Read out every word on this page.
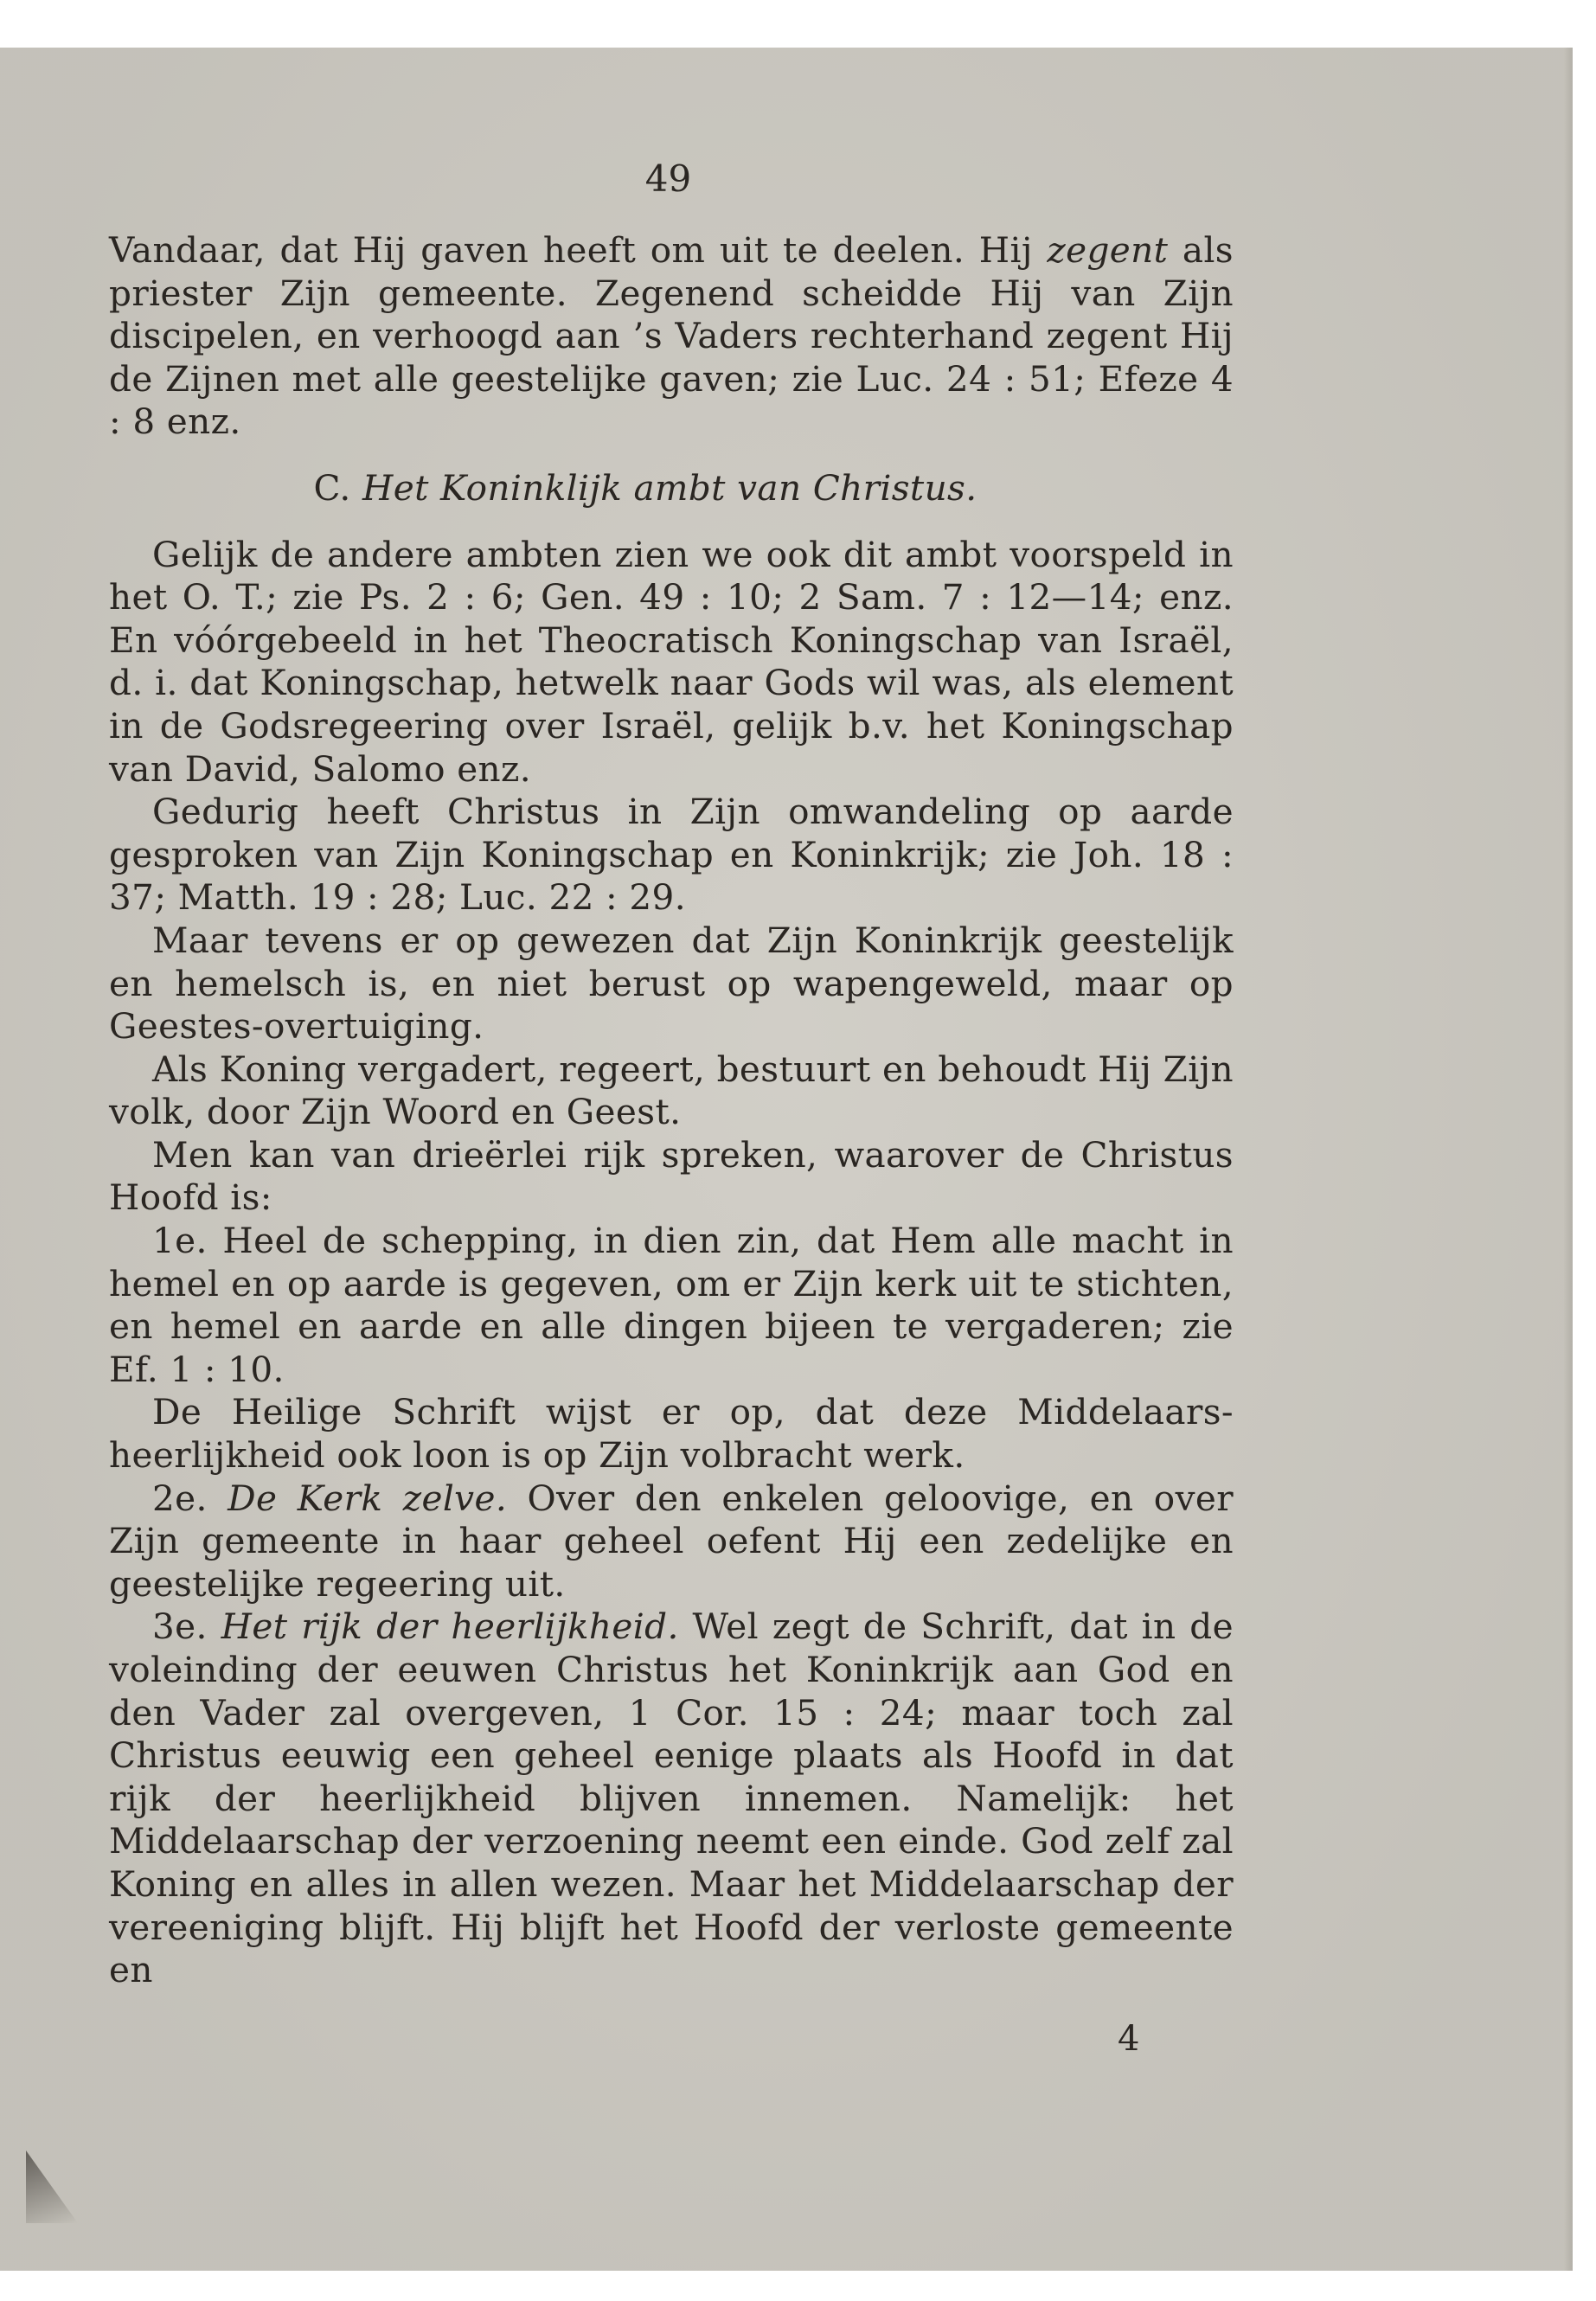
49

Vandaar, dat Hij gaven heeft om uit te deelen. Hij zegent als priester Zijn gemeente. Zegenend scheidde Hij van Zijn discipelen, en verhoogd aan ’s Vaders rechterhand zegent Hij de Zijnen met alle geestelijke gaven; zie Luc. 24 : 51; Efeze 4 : 8 enz.

C. Het Koninklijk ambt van Christus.

Gelijk de andere ambten zien we ook dit ambt voorspeld in het O. T.; zie Ps. 2 : 6; Gen. 49 : 10; 2 Sam. 7 : 12—14; enz. En vóórgebeeld in het Theocratisch Koningschap van Israël, d. i. dat Koningschap, hetwelk naar Gods wil was, als element in de Godsregeering over Israël, gelijk b.v. het Koningschap van David, Salomo enz.

Gedurig heeft Christus in Zijn omwandeling op aarde gesproken van Zijn Koningschap en Koninkrijk; zie Joh. 18 : 37; Matth. 19 : 28; Luc. 22 : 29.

Maar tevens er op gewezen dat Zijn Koninkrijk geestelijk en hemelsch is, en niet berust op wapengeweld, maar op Geestes-overtuiging.

Als Koning vergadert, regeert, bestuurt en behoudt Hij Zijn volk, door Zijn Woord en Geest.

Men kan van drieërlei rijk spreken, waarover de Christus Hoofd is:

1e. Heel de schepping, in dien zin, dat Hem alle macht in hemel en op aarde is gegeven, om er Zijn kerk uit te stichten, en hemel en aarde en alle dingen bijeen te vergaderen; zie Ef. 1 : 10.

De Heilige Schrift wijst er op, dat deze Middelaars-heerlijkheid ook loon is op Zijn volbracht werk.

2e. De Kerk zelve. Over den enkelen geloovige, en over Zijn gemeente in haar geheel oefent Hij een zedelijke en geestelijke regeering uit.

3e. Het rijk der heerlijkheid. Wel zegt de Schrift, dat in de voleinding der eeuwen Christus het Koninkrijk aan God en den Vader zal overgeven, 1 Cor. 15 : 24; maar toch zal Christus eeuwig een geheel eenige plaats als Hoofd in dat rijk der heerlijkheid blijven innemen. Namelijk: het Middelaarschap der verzoening neemt een einde. God zelf zal Koning en alles in allen wezen. Maar het Middelaarschap der vereeniging blijft. Hij blijft het Hoofd der verloste gemeente en

4
